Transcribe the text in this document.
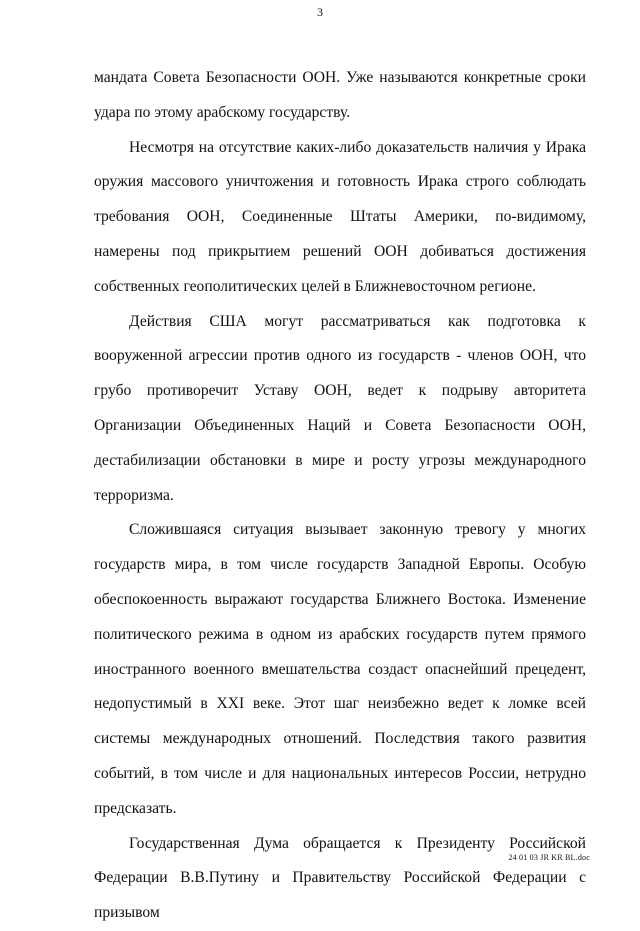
3

мандата Совета Безопасности ООН. Уже называются конкретные сроки удара по этому арабскому государству.

Несмотря на отсутствие каких-либо доказательств наличия у Ирака оружия массового уничтожения и готовность Ирака строго соблюдать требования ООН, Соединенные Штаты Америки, по-видимому, намерены под прикрытием решений ООН добиваться достижения собственных геополитических целей в Ближневосточном регионе.

Действия США могут рассматриваться как подготовка к вооруженной агрессии против одного из государств - членов ООН, что грубо противоречит Уставу ООН, ведет к подрыву авторитета Организации Объединенных Наций и Совета Безопасности ООН, дестабилизации обстановки в мире и росту угрозы международного терроризма.

Сложившаяся ситуация вызывает законную тревогу у многих государств мира, в том числе государств Западной Европы. Особую обеспокоенность выражают государства Ближнего Востока. Изменение политического режима в одном из арабских государств путем прямого иностранного военного вмешательства создаст опаснейший прецедент, недопустимый в XXI веке. Этот шаг неизбежно ведет к ломке всей системы международных отношений. Последствия такого развития событий, в том числе и для национальных интересов России, нетрудно предсказать.

Государственная Дума обращается к Президенту Российской Федерации В.В.Путину и Правительству Российской Федерации с призывом

24 01 03 JR KR BL.doc
